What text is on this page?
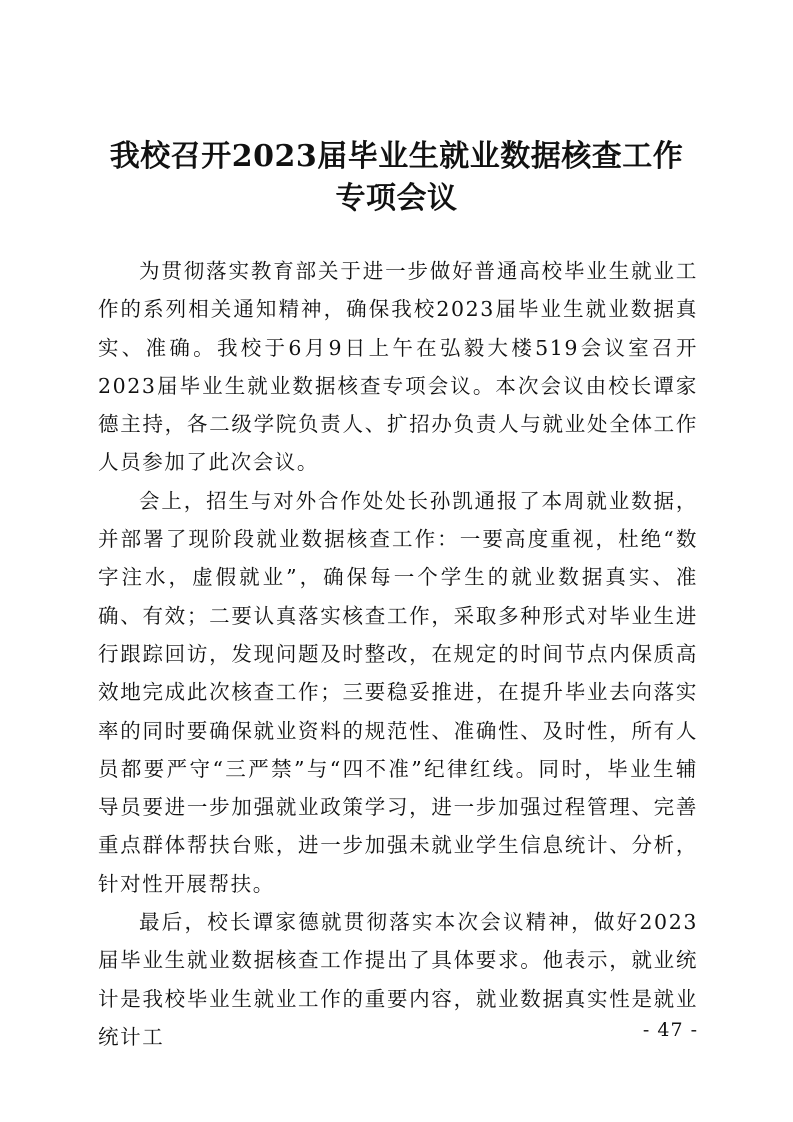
我校召开2023届毕业生就业数据核查工作
专项会议

为贯彻落实教育部关于进一步做好普通高校毕业生就业工作的系列相关通知精神，确保我校2023届毕业生就业数据真实、准确。我校于6月9日上午在弘毅大楼519会议室召开2023届毕业生就业数据核查专项会议。本次会议由校长谭家德主持，各二级学院负责人、扩招办负责人与就业处全体工作人员参加了此次会议。

会上，招生与对外合作处处长孙凯通报了本周就业数据，并部署了现阶段就业数据核查工作：一要高度重视，杜绝“数字注水，虚假就业”，确保每一个学生的就业数据真实、准确、有效；二要认真落实核查工作，采取多种形式对毕业生进行跟踪回访，发现问题及时整改，在规定的时间节点内保质高效地完成此次核查工作；三要稳妥推进，在提升毕业去向落实率的同时要确保就业资料的规范性、准确性、及时性，所有人员都要严守“三严禁”与“四不准”纪律红线。同时，毕业生辅导员要进一步加强就业政策学习，进一步加强过程管理、完善重点群体帮扶台账，进一步加强未就业学生信息统计、分析，针对性开展帮扶。

最后，校长谭家德就贯彻落实本次会议精神，做好2023届毕业生就业数据核查工作提出了具体要求。他表示，就业统计是我校毕业生就业工作的重要内容，就业数据真实性是就业统计工	- 47 -
